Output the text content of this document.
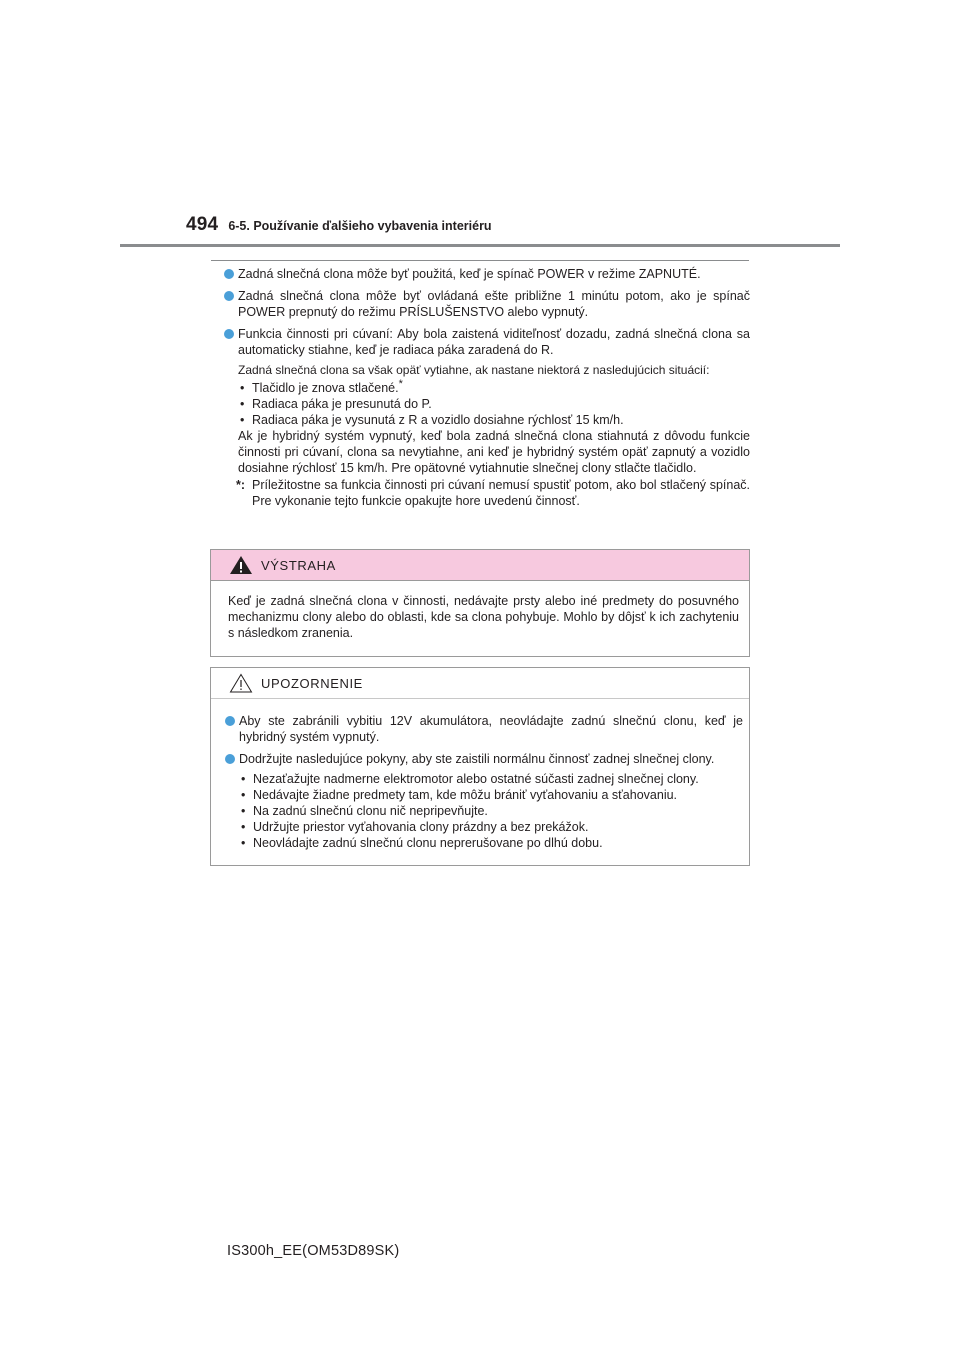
494 6-5. Používanie ďalšieho vybavenia interiéru
Zadná slnečná clona môže byť použitá, keď je spínač POWER v režime ZAPNUTÉ.
Zadná slnečná clona môže byť ovládaná ešte približne 1 minútu potom, ako je spínač POWER prepnutý do režimu PRÍSLUŠENSTVO alebo vypnutý.
Funkcia činnosti pri cúvaní: Aby bola zaistená viditeľnosť dozadu, zadná slnečná clona sa automaticky stiahne, keď je radiaca páka zaradená do R.
Zadná slnečná clona sa však opäť vytiahne, ak nastane niektorá z nasledujúcich situácií:
• Tlačidlo je znova stlačené.*
• Radiaca páka je presunutá do P.
• Radiaca páka je vysunutá z R a vozidlo dosiahne rýchlosť 15 km/h.
Ak je hybridný systém vypnutý, keď bola zadná slnečná clona stiahnutá z dôvodu funkcie činnosti pri cúvaní, clona sa nevytiahne, ani keď je hybridný systém opäť zapnutý a vozidlo dosiahne rýchlosť 15 km/h. Pre opätovné vytiahnutie slnečnej clony stlačte tlačidlo.
*: Príležitostne sa funkcia činnosti pri cúvaní nemusí spustiť potom, ako bol stlačený spínač. Pre vykonanie tejto funkcie opakujte hore uvedenú činnosť.
VÝSTRAHA
Keď je zadná slnečná clona v činnosti, nedávajte prsty alebo iné predmety do posuvného mechanizmu clony alebo do oblasti, kde sa clona pohybuje. Mohlo by dôjsť k ich zachyteniu s následkom zranenia.
UPOZORNENIE
Aby ste zabránili vybitiu 12V akumulátora, neovládajte zadnú slnečnú clonu, keď je hybridný systém vypnutý.
Dodržujte nasledujúce pokyny, aby ste zaistili normálnu činnosť zadnej slnečnej clony.
• Nezaťažujte nadmerne elektromotor alebo ostatné súčasti zadnej slnečnej clony.
• Nedávajte žiadne predmety tam, kde môžu brániť vyťahovaniu a sťahovaniu.
• Na zadnú slnečnú clonu nič nepripevňujte.
• Udržujte priestor vyťahovania clony prázdny a bez prekážok.
• Neovládajte zadnú slnečnú clonu neprerušovane po dlhú dobu.
IS300h_EE(OM53D89SK)
